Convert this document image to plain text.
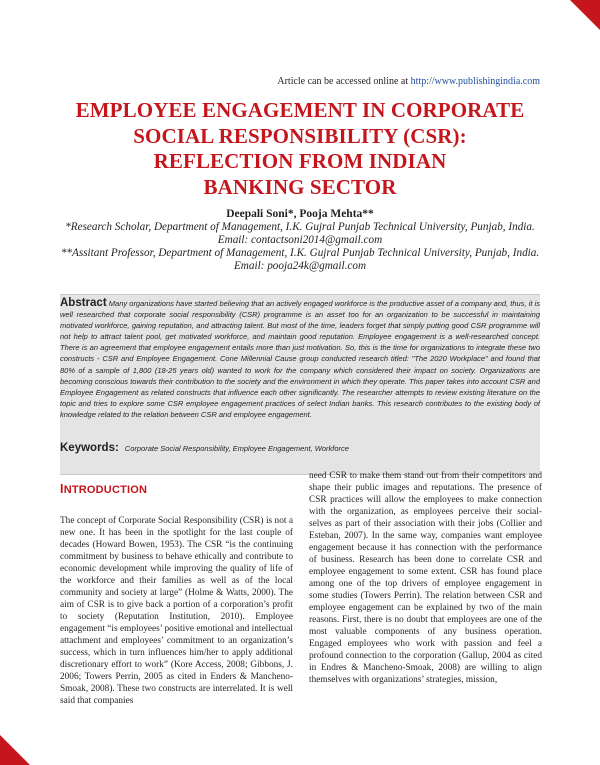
Article can be accessed online at http://www.publishingindia.com
EMPLOYEE ENGAGEMENT IN CORPORATE
SOCIAL RESPONSIBILITY (CSR):
REFLECTION FROM INDIAN
BANKING SECTOR
Deepali Soni*, Pooja Mehta**
*Research Scholar, Department of Management, I.K. Gujral Punjab Technical University, Punjab, India.
Email: contactsoni2014@gmail.com
**Assitant Professor, Department of Management, I.K. Gujral Punjab Technical University, Punjab, India.
Email: pooja24k@gmail.com

Abstract Many organizations have started believing that an actively engaged workforce is the productive asset of a company and, thus, it is well researched that corporate social responsibility (CSR) programme is an asset too for an organization to be successful in maintaining motivated workforce, gaining reputation, and attracting talent. But most of the time, leaders forget that simply putting good CSR programme will not help to attract talent pool, get motivated workforce, and maintain good reputation. Employee engagement is a well-researched concept. There is an agreement that employee engagement entails more than just motivation. So, this is the time for organizations to integrate these two constructs - CSR and Employee Engagement. Cone Millennial Cause group conducted research titled: "The 2020 Workplace" and found that 80% of a sample of 1,800 (18-25 years old) wanted to work for the company which considered their impact on society. Organizations are becoming conscious towards their contribution to the society and the environment in which they operate. This paper takes into account CSR and Employee Engagement as related constructs that influence each other significantly. The researcher attempts to review existing literature on the topic and tries to explore some CSR employee engagement practices of select Indian banks. This research contributes to the existing body of knowledge related to the relation between CSR and employee engagement.

Keywords: Corporate Social Responsibility, Employee Engagement, Workforce
INTRODUCTION

The concept of Corporate Social Responsibility (CSR) is not a new one. It has been in the spotlight for the last couple of decades (Howard Bowen, 1953). The CSR “is the continuing commitment by business to behave ethically and contribute to economic development while improving the quality of life of the workforce and their families as well as of the local community and society at large” (Holme & Watts, 2000). The aim of CSR is to give back a portion of a corporation’s profit to society (Reputation Institution, 2010). Employee engagement “is employees’ positive emotional and intellectual attachment and employees’ commitment to an organization’s success, which in turn influences him/her to apply additional discretionary effort to work” (Kore Access, 2008; Gibbons, J. 2006; Towers Perrin, 2005 as cited in Enders & Mancheno-Smoak, 2008). These two constructs are interrelated. It is well said that companies

need CSR to make them stand out from their competitors and shape their public images and reputations. The presence of CSR practices will allow the employees to make connection with the organization, as employees perceive their social-selves as part of their association with their jobs (Collier and Esteban, 2007). In the same way, companies want employee engagement because it has connection with the performance of business. Research has been done to correlate CSR and employee engagement to some extent. CSR has found place among one of the top drivers of employee engagement in some studies (Towers Perrin). The relation between CSR and employee engagement can be explained by two of the main reasons. First, there is no doubt that employees are one of the most valuable components of any business operation. Engaged employees who work with passion and feel a profound connection to the corporation (Gallup, 2004 as cited in Endres & Mancheno-Smoak, 2008) are willing to align themselves with organizations’ strategies, mission,
